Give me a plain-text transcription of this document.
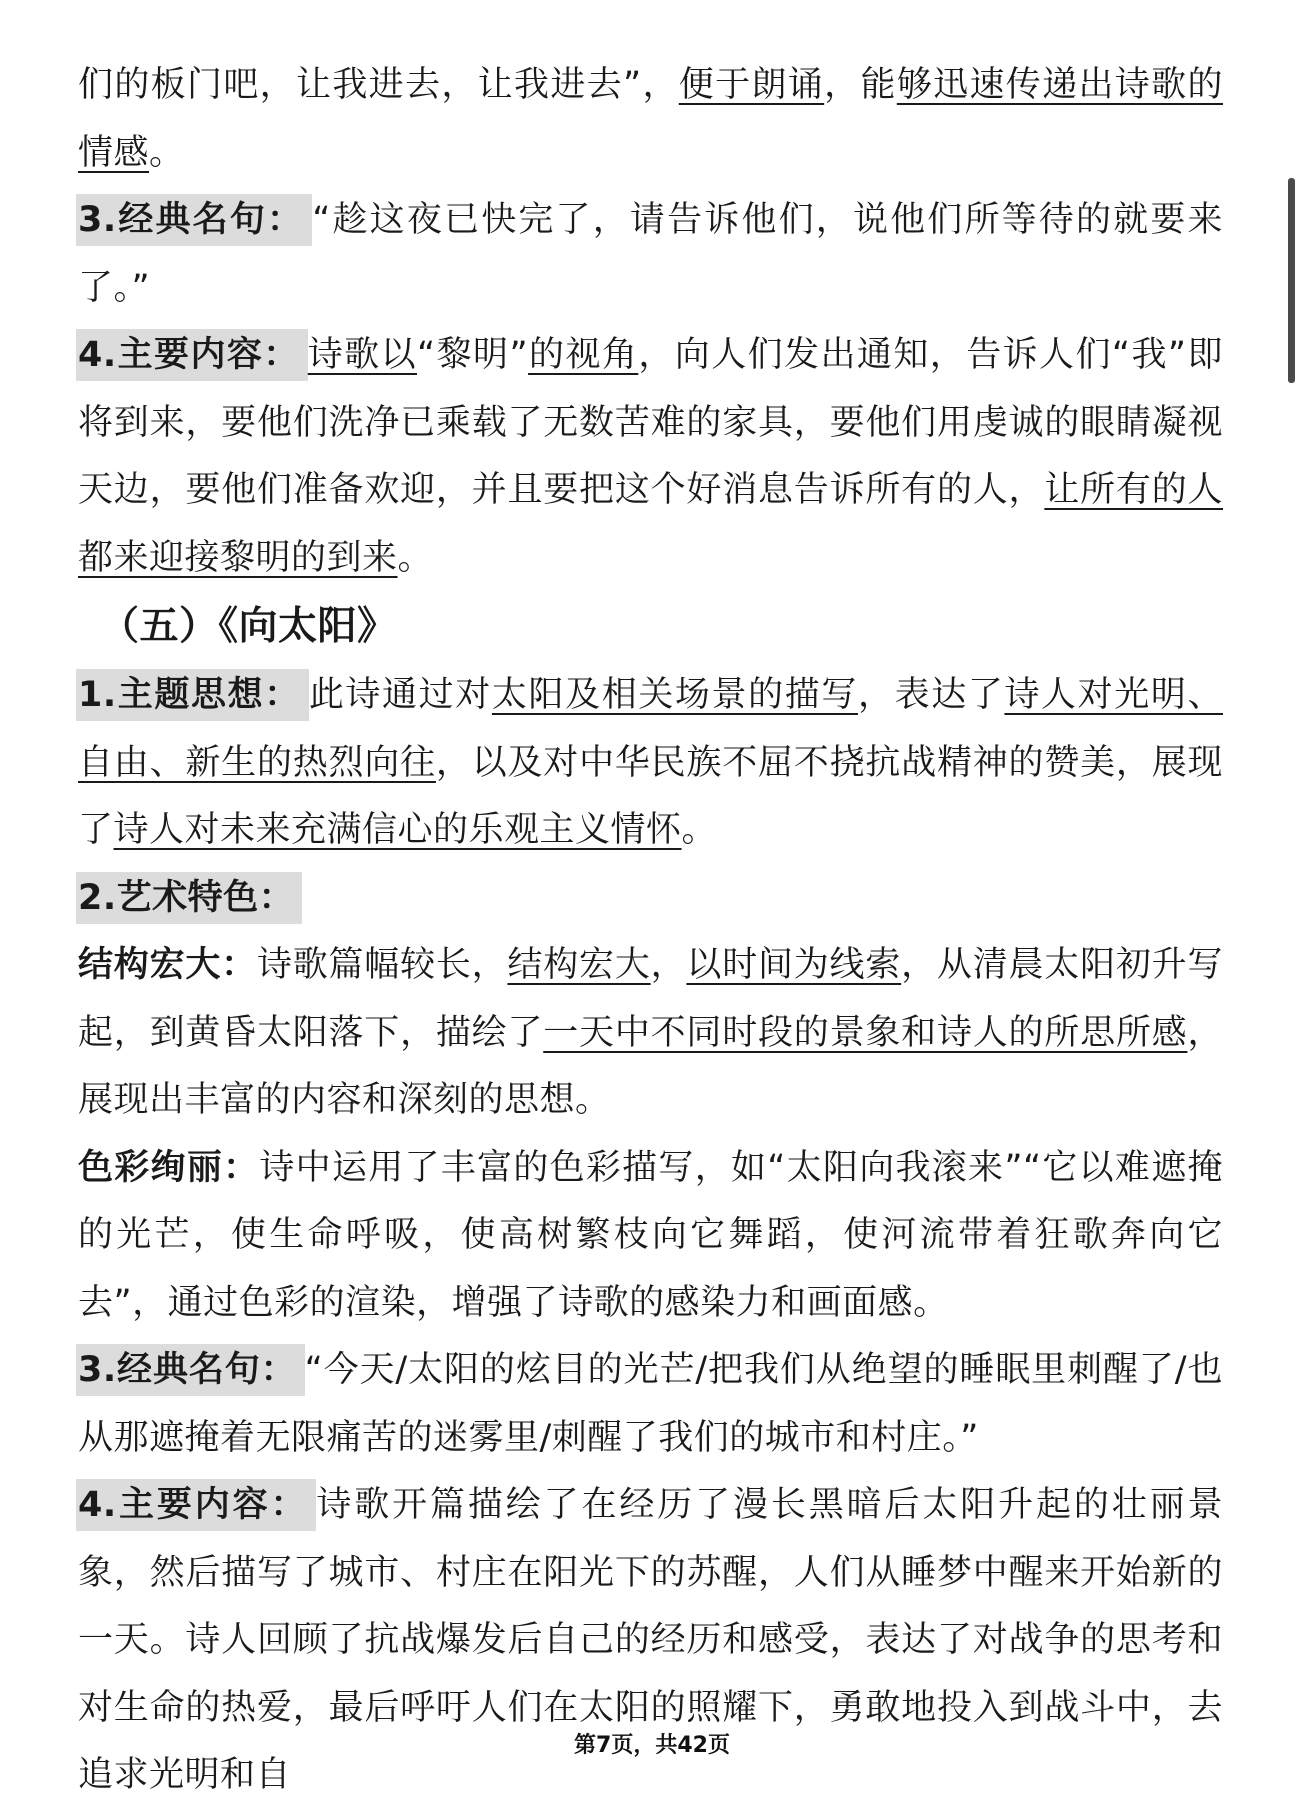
们的板门吧，让我进去，让我进去”，便于朗诵，能够迅速传递出诗歌的情感。
3.经典名句： “趁这夜已快完了，请告诉他们，说他们所等待的就要来了。”
4.主要内容： 诗歌以“黎明”的视角，向人们发出通知，告诉人们“我”即将到来，要他们洗净已乘载了无数苦难的家具，要他们用虔诚的眼睛凝视天边，要他们准备欢迎，并且要把这个好消息告诉所有的人，让所有的人都来迎接黎明的到来。
（五）《向太阳》
1.主题思想： 此诗通过对太阳及相关场景的描写，表达了诗人对光明、自由、新生的热烈向往，以及对中华民族不屈不挠抗战精神的赞美，展现了诗人对未来充满信心的乐观主义情怀。
2.艺术特色：
结构宏大：诗歌篇幅较长，结构宏大，以时间为线索，从清晨太阳初升写起，到黄昏太阳落下，描绘了一天中不同时段的景象和诗人的所思所感，展现出丰富的内容和深刻的思想。
色彩绚丽：诗中运用了丰富的色彩描写，如“太阳向我滚来”“它以难遮掩的光芒，使生命呼吸，使高树繁枝向它舞蹈，使河流带着狂歌奔向它去”，通过色彩的渲染，增强了诗歌的感染力和画面感。
3.经典名句： “今天/太阳的炫目的光芒/把我们从绝望的睡眠里刺醒了/也从那遮掩着无限痛苦的迷雾里/刺醒了我们的城市和村庄。”
4.主要内容： 诗歌开篇描绘了在经历了漫长黑暗后太阳升起的壮丽景象，然后描写了城市、村庄在阳光下的苏醒，人们从睡梦中醒来开始新的一天。诗人回顾了抗战爆发后自己的经历和感受，表达了对战争的思考和对生命的热爱，最后呼吁人们在太阳的照耀下，勇敢地投入到战斗中，去追求光明和自
第7页，共42页
